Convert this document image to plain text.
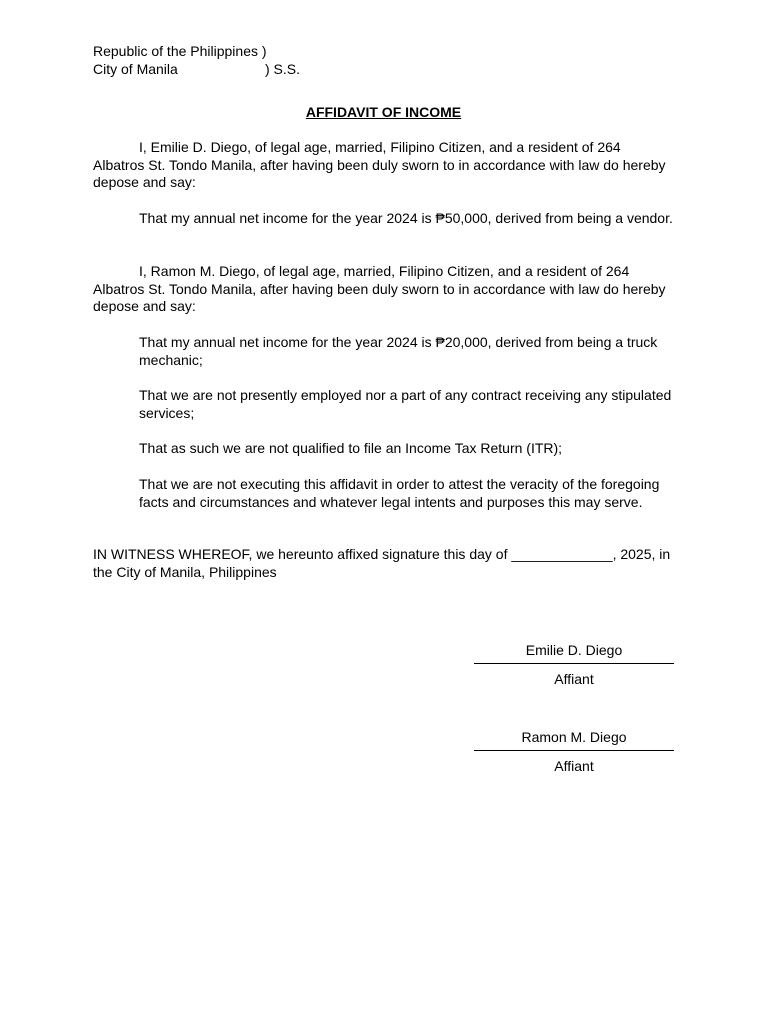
Republic of the Philippines )
City of Manila	) S.S.
AFFIDAVIT OF INCOME

I, Emilie D. Diego, of legal age, married, Filipino Citizen, and a resident of 264 Albatros St. Tondo Manila, after having been duly sworn to in accordance with law do hereby depose and say:

That my annual net income for the year 2024 is ₱50,000, derived from being a vendor.

I, Ramon M. Diego, of legal age, married, Filipino Citizen, and a resident of 264 Albatros St. Tondo Manila, after having been duly sworn to in accordance with law do hereby depose and say:

That my annual net income for the year 2024 is ₱20,000, derived from being a truck mechanic;

That we are not presently employed nor a part of any contract receiving any stipulated services;

That as such we are not qualified to file an Income Tax Return (ITR);

That we are not executing this affidavit in order to attest the veracity of the foregoing facts and circumstances and whatever legal intents and purposes this may serve.

IN WITNESS WHEREOF, we hereunto affixed signature this day of _____________, 2025, in the City of Manila, Philippines

Emilie D. Diego
Affiant
Ramon M. Diego
Affiant
